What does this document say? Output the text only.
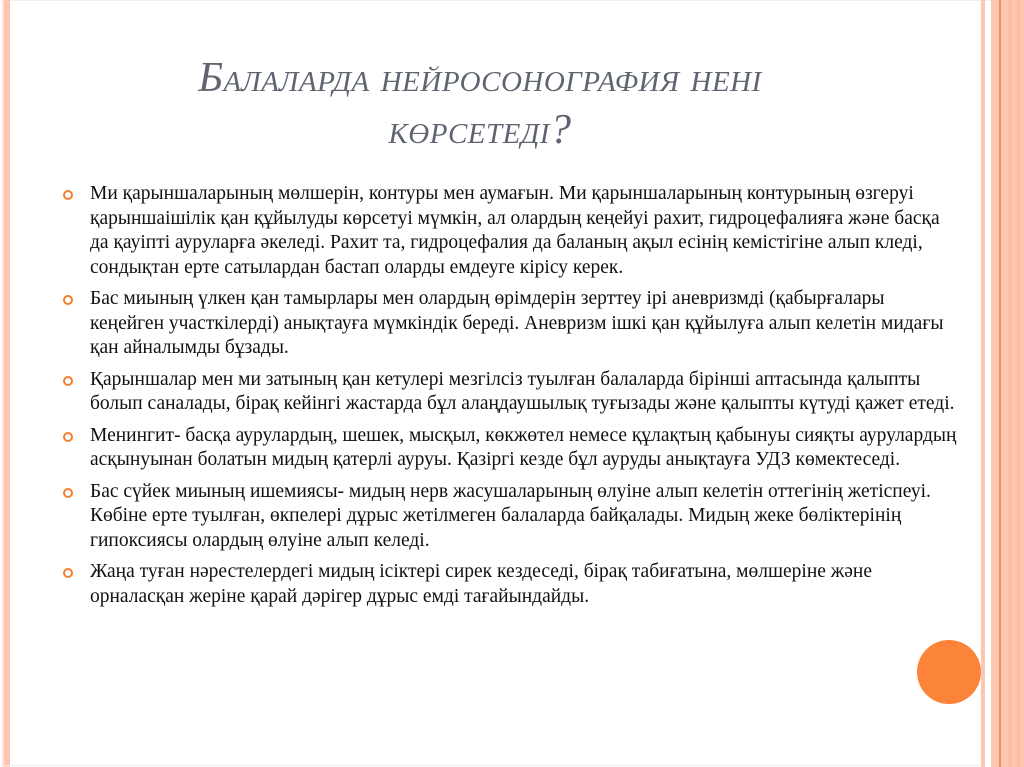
Балаларда нейросонография нені
көрсетеді?
Ми қарыншаларының мөлшерін, контуры мен аумағын. Ми қарыншаларының контурының өзгеруі қарыншаішілік қан құйылуды көрсетуі мүмкін, ал олардың кеңейуі рахит, гидроцефалияға және басқа да қауіпті ауруларға әкеледі. Рахит та, гидроцефалия да баланың ақыл есінің кемістігіне алып кледі, сондықтан ерте сатылардан бастап оларды емдеуге кірісу керек.
Бас миының үлкен қан тамырлары мен олардың өрімдерін зерттеу ірі аневризмді (қабырғалары кеңейген участкілерді) анықтауға мүмкіндік береді. Аневризм ішкі қан құйылуға алып келетін мидағы қан айналымды бұзады.
Қарыншалар мен ми затының қан кетулері мезгілсіз туылған балаларда бірінші аптасында қалыпты болып саналады, бірақ кейінгі жастарда бұл алаңдаушылық туғызады және қалыпты күтуді қажет етеді.
Менингит- басқа аурулардың, шешек, мысқыл, көкжөтел немесе құлақтың қабынуы сияқты аурулардың асқынуынан болатын мидың қатерлі ауруы. Қазіргі кезде бұл ауруды анықтауға УДЗ көмектеседі.
Бас сүйек миының ишемиясы- мидың нерв жасушаларының өлуіне алып келетін оттегінің жетіспеуі. Көбіне ерте туылған, өкпелері дұрыс жетілмеген балаларда байқалады. Мидың жеке бөліктерінің гипоксиясы олардың өлуіне алып келеді.
Жаңа туған нәрестелердегі мидың ісіктері сирек кездеседі, бірақ табиғатына, мөлшеріне және орналасқан жеріне қарай дәрігер дұрыс емді тағайындайды.
